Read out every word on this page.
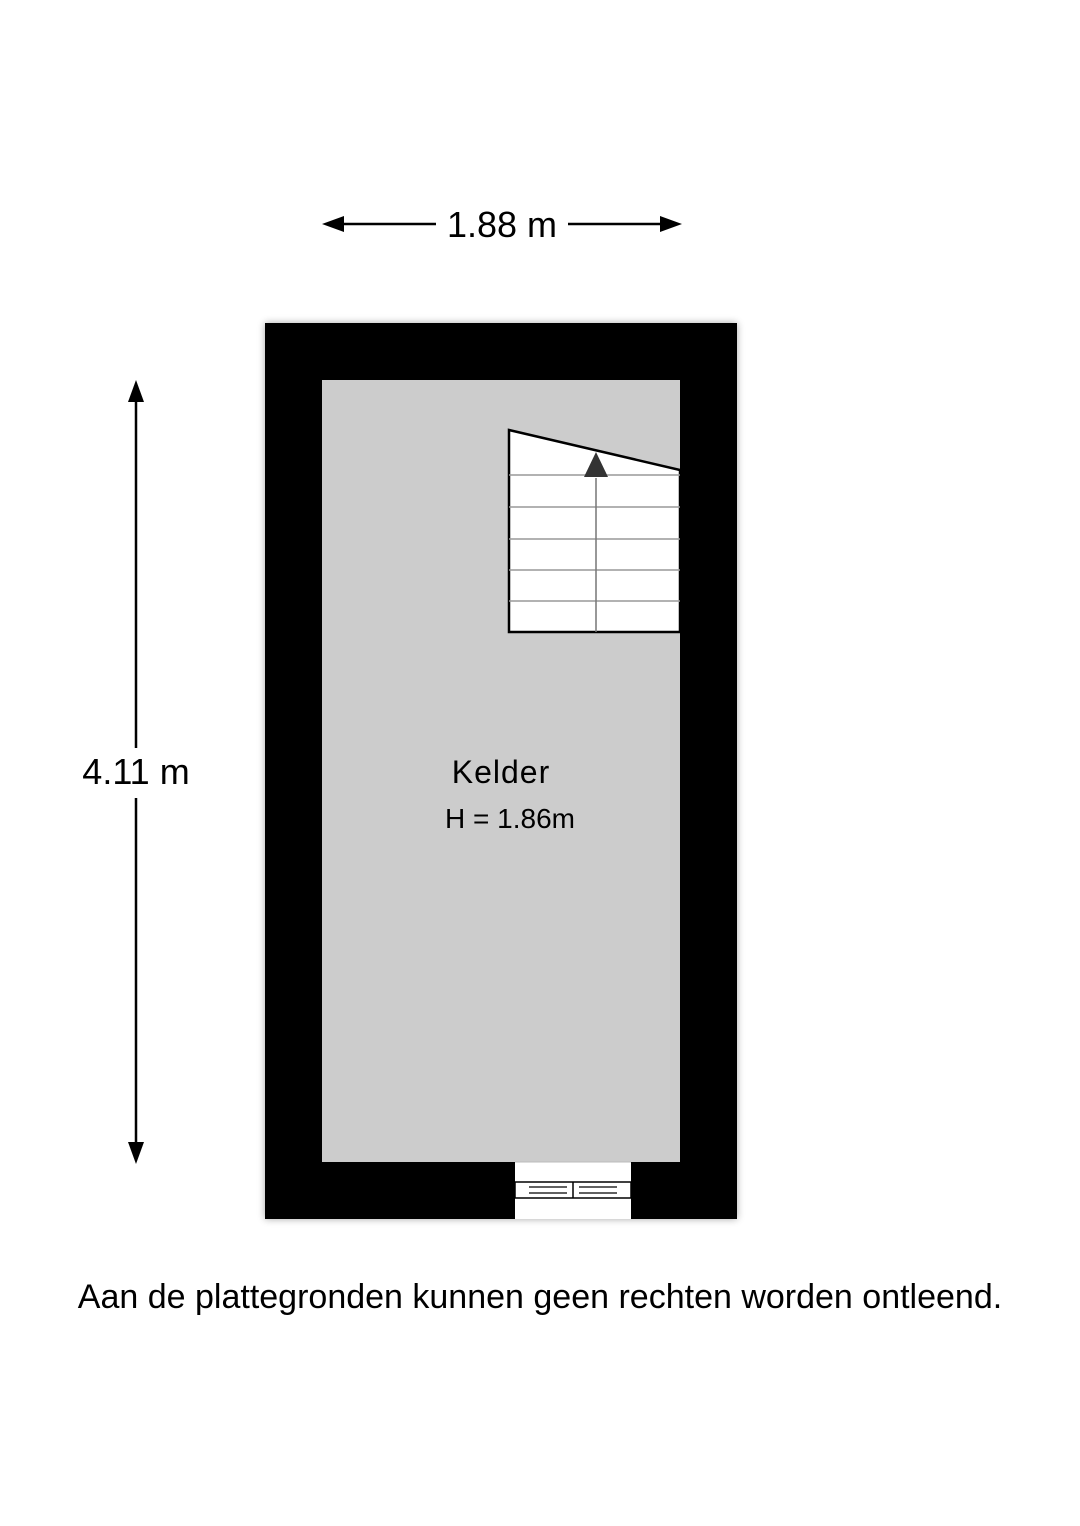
1.88 m
4.11 m	Kelder
H = 1.86m
Aan de plattegronden kunnen geen rechten worden ontleend.
